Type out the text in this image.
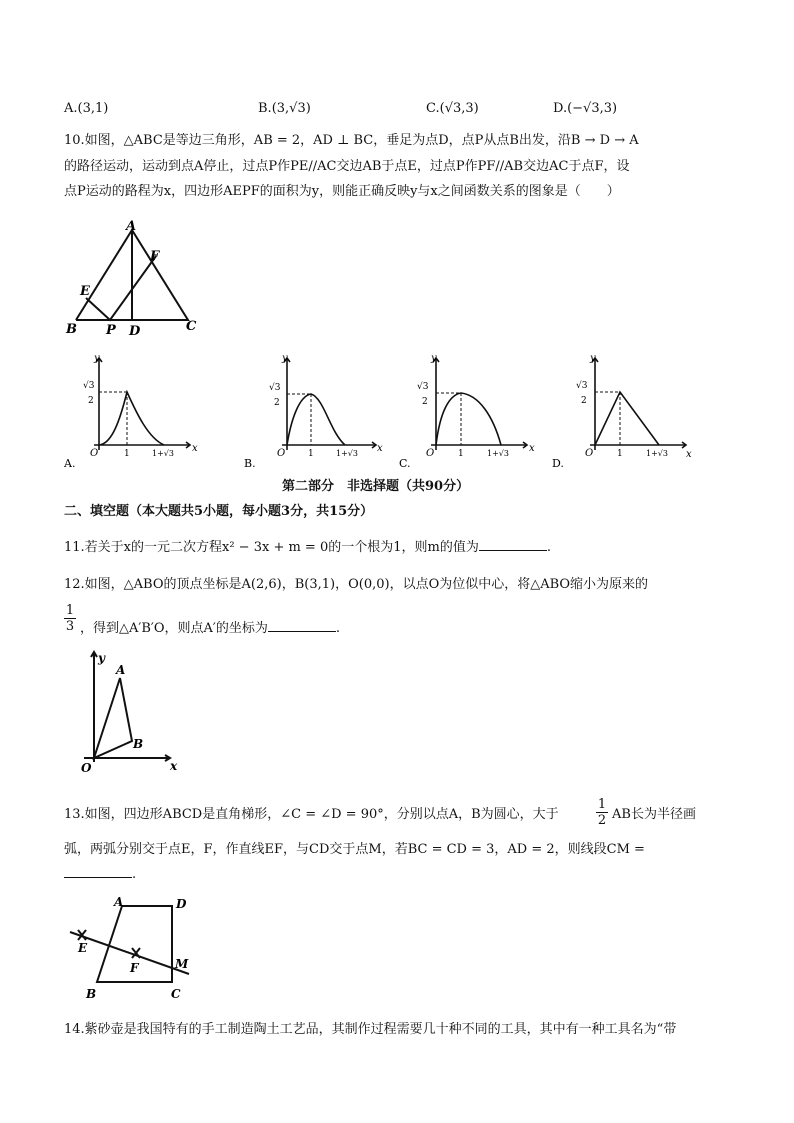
A.(3,1)	B.(3,√3)	C.(√3,3)	D.(−√3,3)
10.如图，△ABC是等边三角形，AB = 2，AD ⊥ BC，垂足为点D，点P从点B出发，沿B → D → A
的路径运动，运动到点A停止，过点P作PE//AC交边AB于点E，过点P作PF//AB交边AC于点F，设
点P运动的路程为x，四边形AEPF的面积为y，则能正确反映y与x之间函数关系的图象是（　　）
A
B	C
D
E
F
P
y
x
O
√3
2
1	1+√3
A.
y
x
O
√3
2
1	1+√3
B.
y
x
O
√3
2
1	1+√3
C.
y
x
O
√3
2
1	1+√3
D.
第二部分　非选择题（共90分）
二、填空题（本大题共5小题，每小题3分，共15分）
11.若关于x的一元二次方程x² − 3x + m = 0的一个根为1，则m的值为	.
12.如图，△ABO的顶点坐标是A(2,6)，B(3,1)，O(0,0)，以点O为位似中心，将△ABO缩小为原来的
1
3 ，得到△A′B′O，则点A′的坐标为	.
y
x
O
A
B
13.如图，四边形ABCD是直角梯形，∠C = ∠D = 90°，分别以点A，B为圆心，大于
1
2 AB长为半径画
弧，两弧分别交于点E，F，作直线EF，与CD交于点M，若BC = CD = 3，AD = 2，则线段CM =
.
A	D
B	C
E
F	M
14.紫砂壶是我国特有的手工制造陶土工艺品，其制作过程需要几十种不同的工具，其中有一种工具名为“带
